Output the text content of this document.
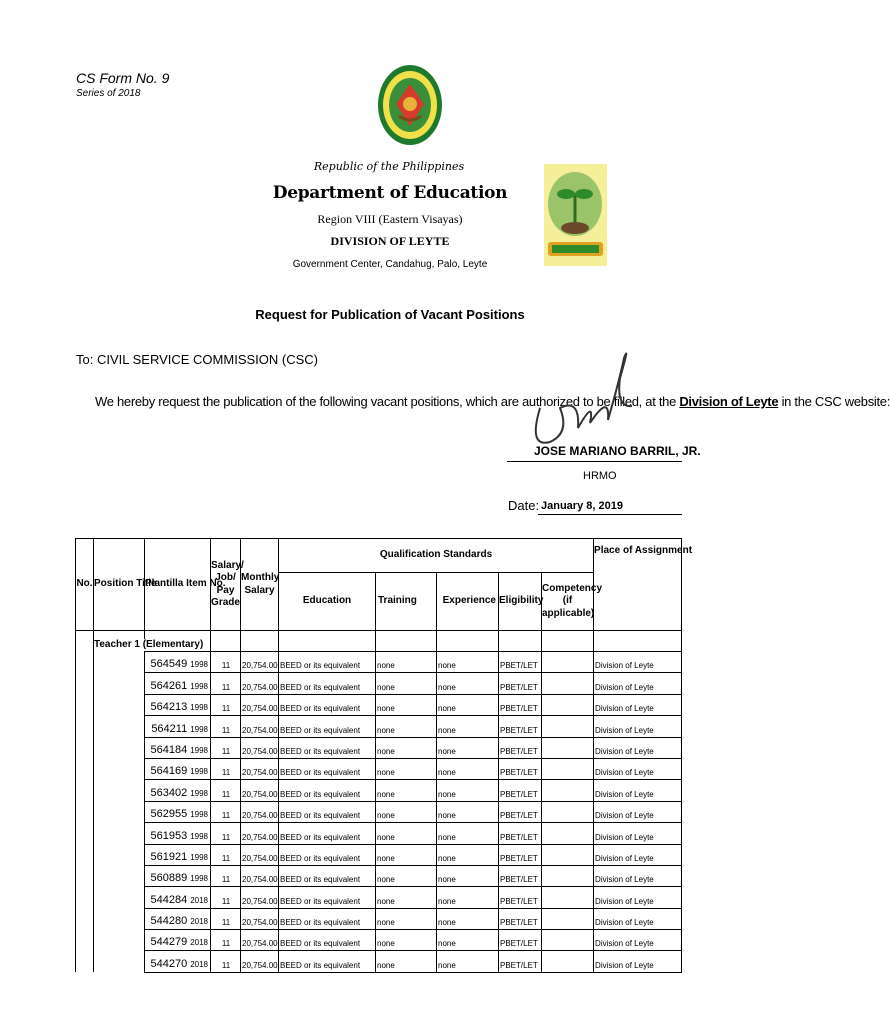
CS Form No. 9
Series of 2018
Republic of the Philippines
Department of Education
Region VIII (Eastern Visayas)
DIVISION OF LEYTE
Government Center, Candahug, Palo, Leyte
Request for Publication of Vacant Positions
To: CIVIL SERVICE COMMISSION (CSC)
We hereby request the publication of the following vacant positions, which are authorized to be filled, at the Division of Leyte in the CSC website:
JOSE MARIANO BARRIL, JR.
HRMO
Date: January 8, 2019
No.	Position Title	Plantilla Item No.	Salary/ Job/ Pay Grade	Monthly Salary	Qualification Standards					Place of Assignment
					Education	Training	Experience	Eligibility	Competency (if applicable)	

	Teacher 1 (Elementary)									
		564549 1998	11	20,754.00	BEED or its equivalent	none	none	PBET/LET		Division of Leyte
		564261 1998	11	20,754.00	BEED or its equivalent	none	none	PBET/LET		Division of Leyte
		564213 1998	11	20,754.00	BEED or its equivalent	none	none	PBET/LET		Division of Leyte
		564211 1998	11	20,754.00	BEED or its equivalent	none	none	PBET/LET		Division of Leyte
		564184 1998	11	20,754.00	BEED or its equivalent	none	none	PBET/LET		Division of Leyte
		564169 1998	11	20,754.00	BEED or its equivalent	none	none	PBET/LET		Division of Leyte
		563402 1998	11	20,754.00	BEED or its equivalent	none	none	PBET/LET		Division of Leyte
		562955 1998	11	20,754.00	BEED or its equivalent	none	none	PBET/LET		Division of Leyte
		561953 1998	11	20,754.00	BEED or its equivalent	none	none	PBET/LET		Division of Leyte
		561921 1998	11	20,754.00	BEED or its equivalent	none	none	PBET/LET		Division of Leyte
		560889 1998	11	20,754.00	BEED or its equivalent	none	none	PBET/LET		Division of Leyte
		544284 2018	11	20,754.00	BEED or its equivalent	none	none	PBET/LET		Division of Leyte
		544280 2018	11	20,754.00	BEED or its equivalent	none	none	PBET/LET		Division of Leyte
		544279 2018	11	20,754.00	BEED or its equivalent	none	none	PBET/LET		Division of Leyte
		544270 2018	11	20,754.00	BEED or its equivalent	none	none	PBET/LET		Division of Leyte
